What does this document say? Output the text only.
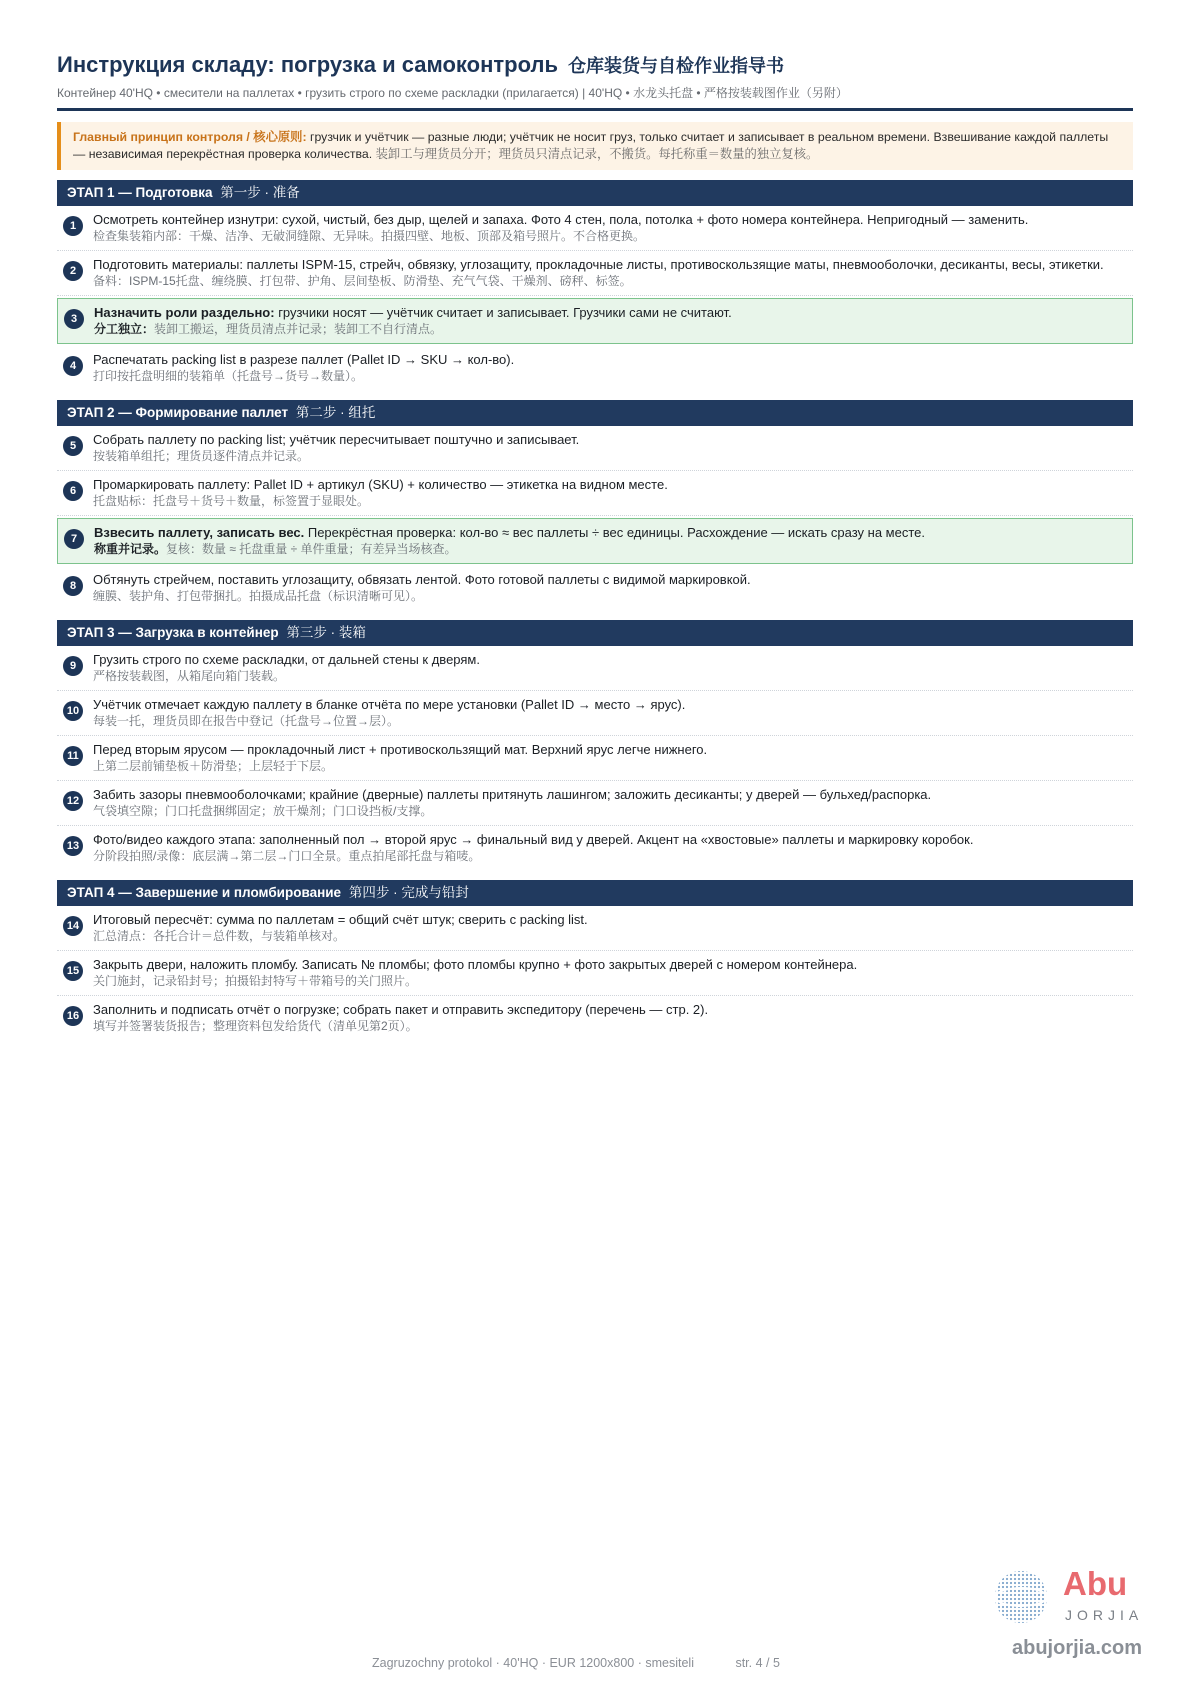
Инструкция складу: погрузка и самоконтроль 仓库装货与自检作业指导书
Контейнер 40'HQ • смесители на паллетах • грузить строго по схеме раскладки (прилагается) | 40'HQ • 水龙头托盘 • 严格按装载图作业（另附）
Главный принцип контроля / 核心原则: грузчик и учётчик — разные люди; учётчик не носит груз, только считает и записывает в реальном времени. Взвешивание каждой паллеты — независимая перекрёстная проверка количества. 装卸工与理货员分开；理货员只清点记录，不搬货。每托称重＝数量的独立复核。
ЭТАП 1 — Подготовка 第一步 · 准备
1	Осмотреть контейнер изнутри: сухой, чистый, без дыр, щелей и запаха. Фото 4 стен, пола, потолка + фото номера контейнера. Непригодный — заменить.
检查集装箱内部：干燥、洁净、无破洞缝隙、无异味。拍摄四壁、地板、顶部及箱号照片。不合格更换。
2	Подготовить материалы: паллеты ISPM-15, стрейч, обвязку, углозащиту, прокладочные листы, противоскользящие маты, пневмооболочки, десиканты, весы, этикетки.
备料：ISPM-15托盘、缠绕膜、打包带、护角、层间垫板、防滑垫、充气气袋、干燥剂、磅秤、标签。
3	Назначить роли раздельно: грузчики носят — учётчик считает и записывает. Грузчики сами не считают.
分工独立：装卸工搬运，理货员清点并记录；装卸工不自行清点。
4	Распечатать packing list в разрезе паллет (Pallet ID → SKU → кол-во).
打印按托盘明细的装箱单（托盘号→货号→数量）。
ЭТАП 2 — Формирование паллет 第二步 · 组托
5	Собрать паллету по packing list; учётчик пересчитывает поштучно и записывает.
按装箱单组托；理货员逐件清点并记录。
6	Промаркировать паллету: Pallet ID + артикул (SKU) + количество — этикетка на видном месте.
托盘贴标：托盘号＋货号＋数量，标签置于显眼处。
7	Взвесить паллету, записать вес. Перекрёстная проверка: кол-во ≈ вес паллеты ÷ вес единицы. Расхождение — искать сразу на месте.
称重并记录。复核：数量 ≈ 托盘重量 ÷ 单件重量；有差异当场核查。
8	Обтянуть стрейчем, поставить углозащиту, обвязать лентой. Фото готовой паллеты с видимой маркировкой.
缠膜、装护角、打包带捆扎。拍摄成品托盘（标识清晰可见）。
ЭТАП 3 — Загрузка в контейнер 第三步 · 装箱
9	Грузить строго по схеме раскладки, от дальней стены к дверям.
严格按装载图，从箱尾向箱门装载。
10 Учётчик отмечает каждую паллету в бланке отчёта по мере установки (Pallet ID → место → ярус).
每装一托，理货员即在报告中登记（托盘号→位置→层）。
11	Перед вторым ярусом — прокладочный лист + противоскользящий мат. Верхний ярус легче нижнего.
上第二层前铺垫板＋防滑垫；上层轻于下层。
12 Забить зазоры пневмооболочками; крайние (дверные) паллеты притянуть лашингом; заложить десиканты; у дверей — бульхед/распорка.
气袋填空隙；门口托盘捆绑固定；放干燥剂；门口设挡板/支撑。
13 Фото/видео каждого этапа: заполненный пол → второй ярус → финальный вид у дверей. Акцент на «хвостовые» паллеты и маркировку коробок.
分阶段拍照/录像：底层满→第二层→门口全景。重点拍尾部托盘与箱唛。
ЭТАП 4 — Завершение и пломбирование 第四步 · 完成与铅封
14 Итоговый пересчёт: сумма по паллетам = общий счёт штук; сверить с packing list.
汇总清点：各托合计＝总件数，与装箱单核对。
15 Закрыть двери, наложить пломбу. Записать № пломбы; фото пломбы крупно + фото закрытых дверей с номером контейнера.
关门施封，记录铅封号；拍摄铅封特写＋带箱号的关门照片。
16 Заполнить и подписать отчёт о погрузке; собрать пакет и отправить экспедитору (перечень — стр. 2).
填写并签署装货报告；整理资料包发给货代（清单见第2页）。
Abu
JORJIA
abujorjia.com
Zagruzochny protokol · 40'HQ · EUR 1200x800 · smesiteli	str. 4 / 5
